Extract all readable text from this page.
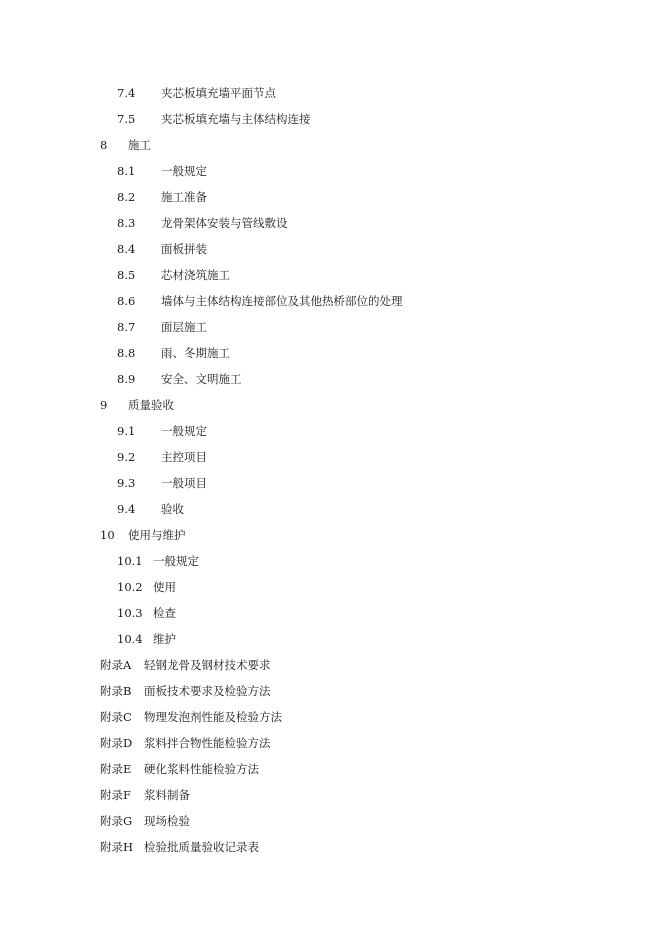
7.4 夹芯板填充墙平面节点
7.5 夹芯板填充墙与主体结构连接
8 施工
8.1 一般规定
8.2 施工准备
8.3 龙骨架体安装与管线敷设
8.4 面板拼装
8.5 芯材浇筑施工
8.6 墙体与主体结构连接部位及其他热桥部位的处理
8.7 面层施工
8.8 雨、冬期施工
8.9 安全、文明施工
9 质量验收
9.1 一般规定
9.2 主控项目
9.3 一般项目
9.4 验收
10 使用与维护
10.1 一般规定
10.2 使用
10.3 检查
10.4 维护
附录A 轻钢龙骨及钢材技术要求
附录B 面板技术要求及检验方法
附录C 物理发泡剂性能及检验方法
附录D 浆料拌合物性能检验方法
附录E 硬化浆料性能检验方法
附录F 浆料制备
附录G 现场检验
附录H 检验批质量验收记录表
